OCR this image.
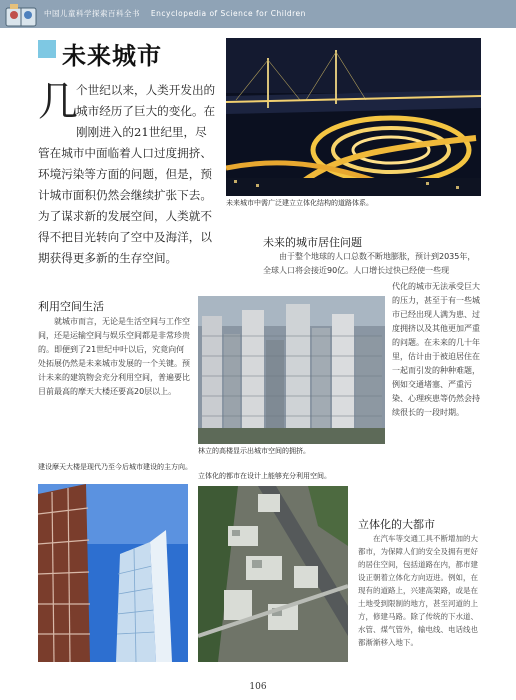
中国儿童科学探索百科全书 Encyclopedia of Science for Children
未来城市
几
个世纪以来，人类开发出的城市经历了巨大的变化。在刚刚进入的21世纪里，尽管在城市中面临着人口过度拥挤、环境污染等方面的问题，但是，预计城市面积仍然会继续扩张下去。为了谋求新的发展空间，人类就不得不把目光转向了空中及海洋，以期获得更多新的生存空间。
未来城市中需广泛建立立体化结构的道路体系。
未来的城市居住问题
由于整个地球的人口总数不断地膨胀，预计到2035年，全球人口将会接近90亿。人口增长过快已经使一些现
代化的城市无法承受巨大的压力，甚至于有一些城市已经出现人满为患、过度拥挤以及其他更加严重的问题。在未来的几十年里，估计由于被迫居住在一起而引发的种种难题，例如交通堵塞、严重污染、心理疾患等仍然会持续很长的一段时期。
利用空间生活
就城市而言，无论是生活空间与工作空间，还是运输空间与娱乐空间都是非常珍贵的。即便到了21世纪中叶以后，究竟向何处拓展仍然是未来城市发展的一个关键。预计未来的建筑物会充分利用空间，普遍要比目前最高的摩天大楼还要高20层以上。
林立的高楼显示出城市空间的拥挤。
建设摩天大楼是现代乃至今后城市建设的主方向。
立体化的都市在设计上能够充分利用空间。
立体化的大都市
在汽车等交通工具不断增加的大都市，为保障人们的安全及拥有更好的居住空间，包括道路在内，都市建设正朝着立体化方向迈进。例如，在现有的道路上，兴建高架路，或是在土地受到限制的地方，甚至河道的上方，修建马路。除了传统的下水道、水管、煤气管外，输电线、电话线也都渐渐移入地下。
106
